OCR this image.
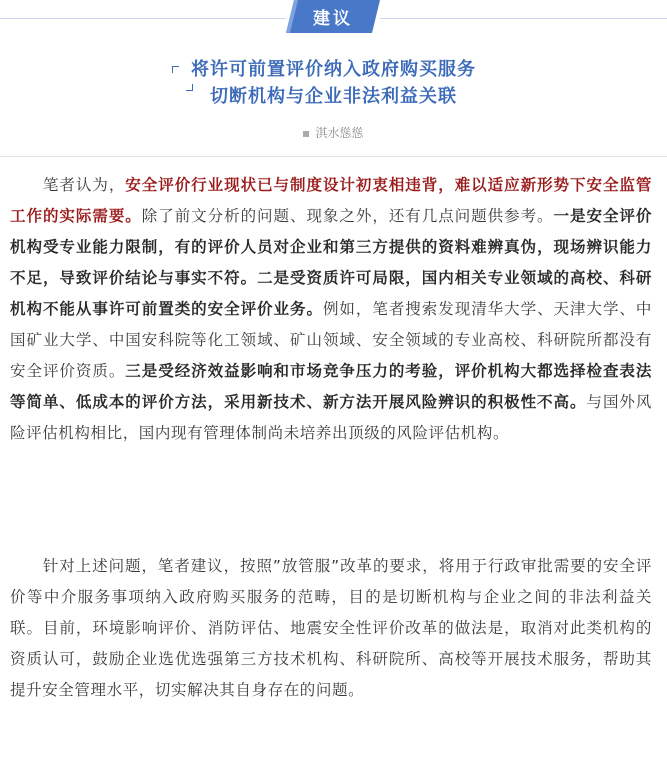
建议
将许可前置评价纳入政府购买服务
切断机构与企业非法利益关联
淇水慫慫

　　笔者认为，安全评价行业现状已与制度设计初衷相违背，难以适应新形势下安全监管工作的实际需要。除了前文分析的问题、现象之外，还有几点问题供参考。一是安全评价机构受专业能力限制，有的评价人员对企业和第三方提供的资料难辨真伪，现场辨识能力不足，导致评价结论与事实不符。二是受资质许可局限，国内相关专业领域的高校、科研机构不能从事许可前置类的安全评价业务。例如，笔者搜索发现清华大学、天津大学、中国矿业大学、中国安科院等化工领域、矿山领域、安全领域的专业高校、科研院所都没有安全评价资质。三是受经济效益影响和市场竞争压力的考验，评价机构大都选择检查表法等简单、低成本的评价方法，采用新技术、新方法开展风险辨识的积极性不高。与国外风险评估机构相比，国内现有管理体制尚未培养出顶级的风险评估机构。

　　针对上述问题，笔者建议，按照”放管服”改革的要求，将用于行政审批需要的安全评价等中介服务事项纳入政府购买服务的范畴，目的是切断机构与企业之间的非法利益关联。目前，环境影响评价、消防评估、地震安全性评价改革的做法是，取消对此类机构的资质认可，鼓励企业选优选强第三方技术机构、科研院所、高校等开展技术服务，帮助其提升安全管理水平，切实解决其自身存在的问题。
